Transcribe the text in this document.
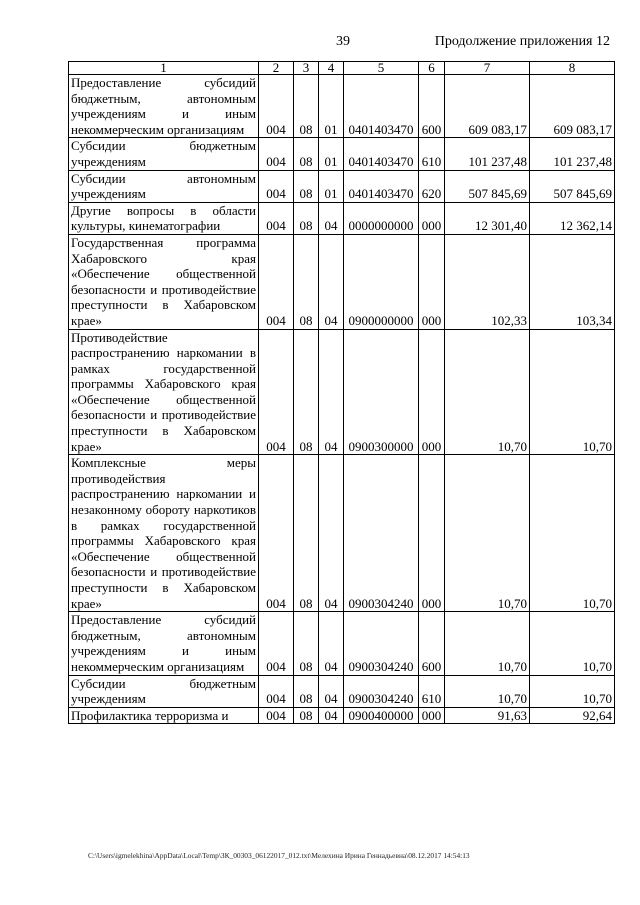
39	Продолжение приложения 12
1	2	3	4	5	6	7	8
Предоставление субсидий бюджетным, автономным учреждениям и иным некоммерческим организациям	004	08	01	0401403470	600	609 083,17	609 083,17
Субсидии бюджетным учреждениям	004	08	01	0401403470	610	101 237,48	101 237,48
Субсидии автономным учреждениям	004	08	01	0401403470	620	507 845,69	507 845,69
Другие вопросы в области культуры, кинематографии	004	08	04	0000000000	000	12 301,40	12 362,14
Государственная программа Хабаровского края «Обеспечение общественной безопасности и противодействие преступности в Хабаровском крае»	004	08	04	0900000000	000	102,33	103,34
Противодействие распространению наркомании в рамках государственной программы Хабаровского края «Обеспечение общественной безопасности и противодействие преступности в Хабаровском крае»	004	08	04	0900300000	000	10,70	10,70
Комплексные меры противодействия распространению наркомании и незаконному обороту наркотиков в рамках государственной программы Хабаровского края «Обеспечение общественной безопасности и противодействие преступности в Хабаровском крае»	004	08	04	0900304240	000	10,70	10,70
Предоставление субсидий бюджетным, автономным учреждениям и иным некоммерческим организациям	004	08	04	0900304240	600	10,70	10,70
Субсидии бюджетным учреждениям	004	08	04	0900304240	610	10,70	10,70
Профилактика терроризма и	004	08	04	0900400000	000	91,63	92,64
C:\Users\igmelekhina\AppData\Local\Temp\ЗК_00303_06122017_012.txt\Мелехина Ирина Геннадьевна\08.12.2017 14:54:13
